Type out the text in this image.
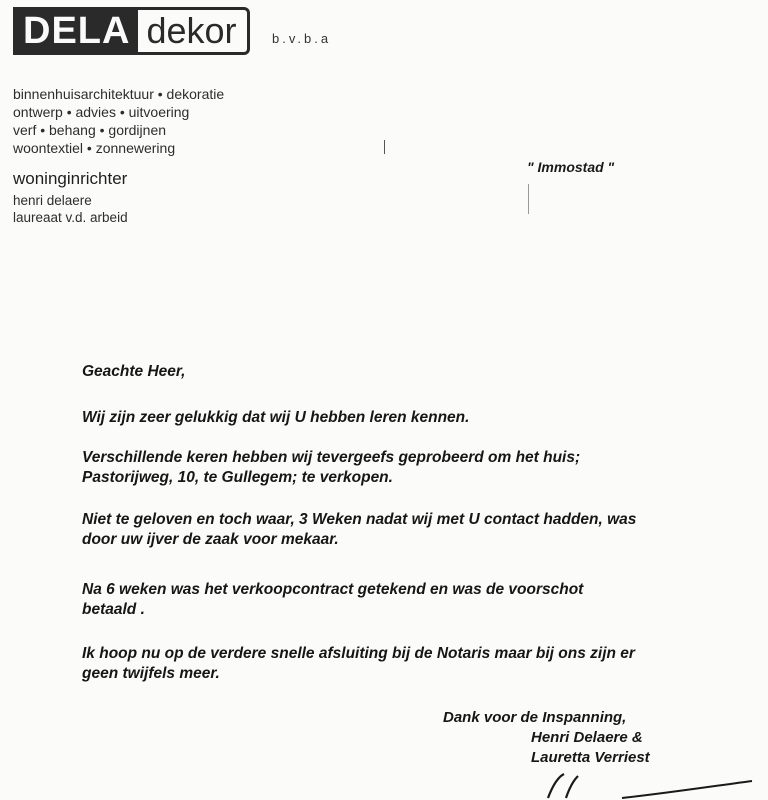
DELA dekor	b.v.b.a
binnenhuisarchitektuur • dekoratie
ontwerp • advies • uitvoering
verf • behang • gordijnen
woontextiel • zonnewering
woninginrichter
henri delaere
laureaat v.d. arbeid
" Immostad "

Geachte Heer,

Wij zijn zeer gelukkig dat wij U hebben leren kennen.

Verschillende keren hebben wij tevergeefs geprobeerd om het huis;

Pastorijweg, 10, te Gullegem; te verkopen.

Niet te geloven en toch waar, 3 Weken nadat wij met U contact hadden, was

door uw ijver de zaak voor mekaar.

Na 6 weken was het verkoopcontract getekend en was de voorschot

betaald .

Ik hoop nu op de verdere snelle afsluiting bij de Notaris maar bij ons zijn er

geen twijfels meer.

Dank voor de Inspanning,
Henri Delaere &
Lauretta Verriest
